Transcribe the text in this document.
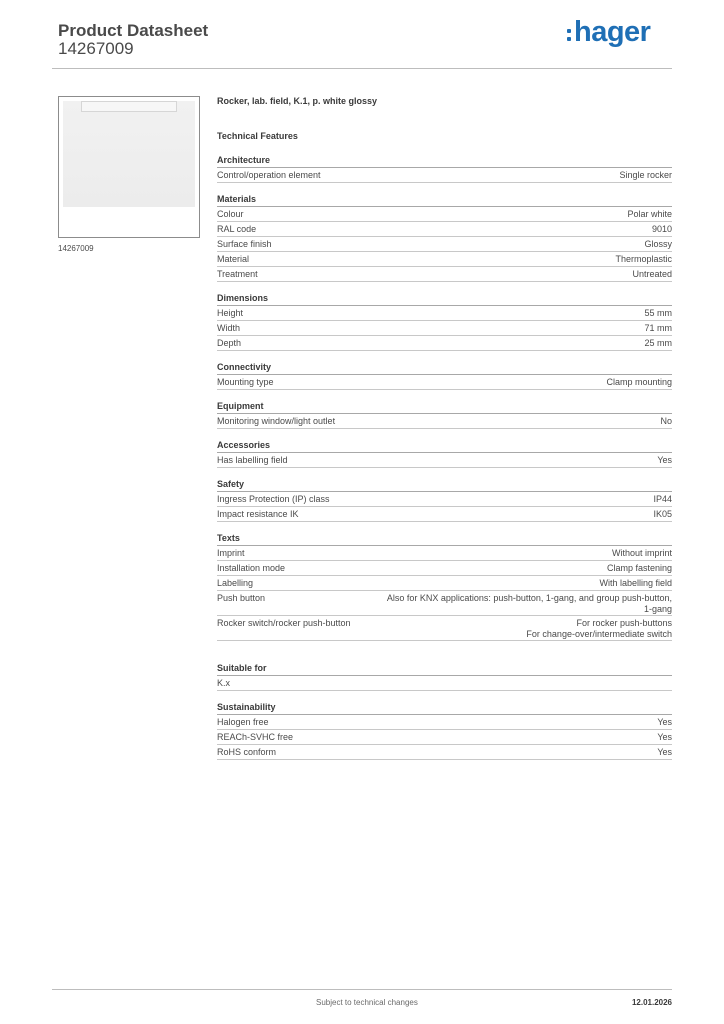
Product Datasheet
14267009
hager
14267009
Rocker, lab. field, K.1, p. white glossy
Technical Features
Architecture
Control/operation element	Single rocker
Materials
Colour	Polar white
RAL code	9010
Surface finish	Glossy
Material	Thermoplastic
Treatment	Untreated
Dimensions
Height	55 mm
Width	71 mm
Depth	25 mm
Connectivity
Mounting type	Clamp mounting
Equipment
Monitoring window/light outlet	No
Accessories
Has labelling field	Yes
Safety
Ingress Protection (IP) class	IP44
Impact resistance IK	IK05
Texts
Imprint	Without imprint
Installation mode	Clamp fastening
Labelling	With labelling field
Push button	Also for KNX applications: push-button, 1-gang, and group push-button,
1-gang
Rocker switch/rocker push-button	For rocker push-buttons
For change-over/intermediate switch
Suitable for
K.x
Sustainability
Halogen free	Yes
REACh-SVHC free	Yes
RoHS conform	Yes
Subject to technical changes	12.01.2026
